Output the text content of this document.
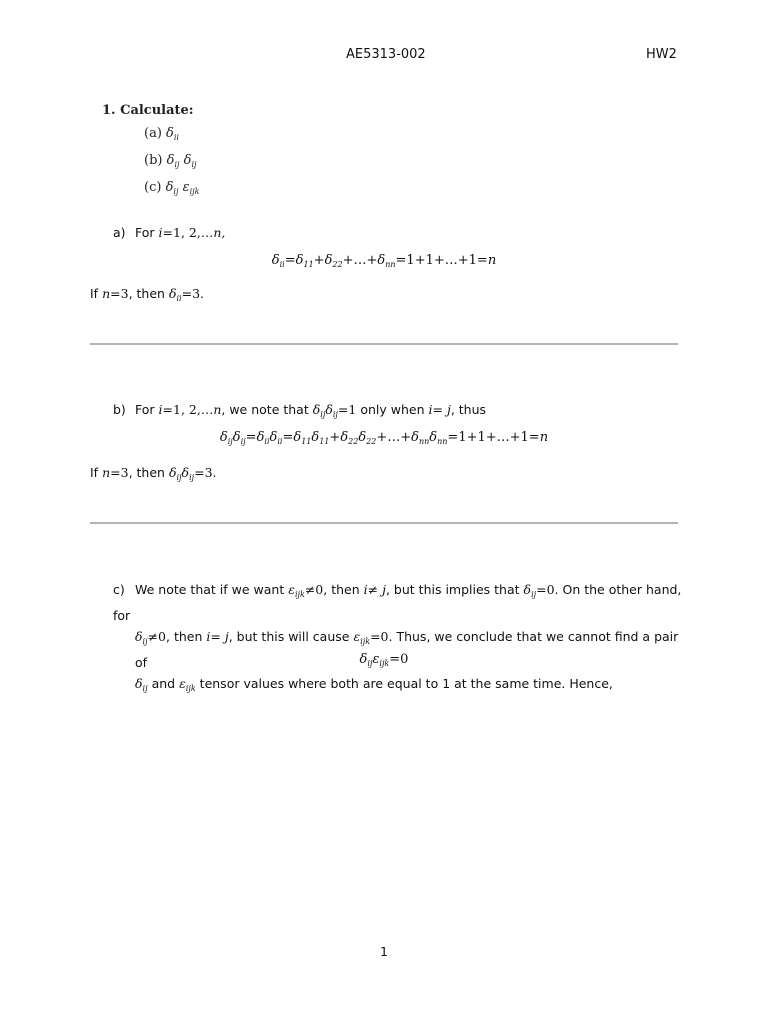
AE5313-002	HW2
1. Calculate:
(a) $\delta_{ii}$
(b) $\delta_{ij}$ $\delta_{ij}$
(c) $\delta_{ij}$ $\varepsilon_{ijk}$
a) For i=1, 2,…n,
$\delta_{ii}=\delta_{11}+\delta_{22}+\dots+\delta_{nn}=1+1+\dots+1=n$
If n=3, then $\delta_{ii}=3$.
b) For i=1, 2,…n, we note that $\delta_{ij}\delta_{ij}=1$ only when i= j, thus
$\delta_{ij}\delta_{ij}=\delta_{ii}\delta_{ii}=\delta_{11}\delta_{11}+\delta_{22}\delta_{22}+\dots+\delta_{nn}\delta_{nn}=1+1+\dots+1=n$
If n=3, then $\delta_{ij}\delta_{ij}=3$.
c) We note that if we want $\varepsilon_{ijk}\ne 0$, then i≠ j, but this implies that $\delta_{ij}=0$. On the other hand, for
$\delta_{ij}\ne 0$, then i= j, but this will cause $\varepsilon_{ijk}=0$. Thus, we conclude that we cannot find a pair of
$\delta_{ij}$ and $\varepsilon_{ijk}$ tensor values where both are equal to 1 at the same time. Hence,
$\delta_{ij}\varepsilon_{ijk}=0$
1
